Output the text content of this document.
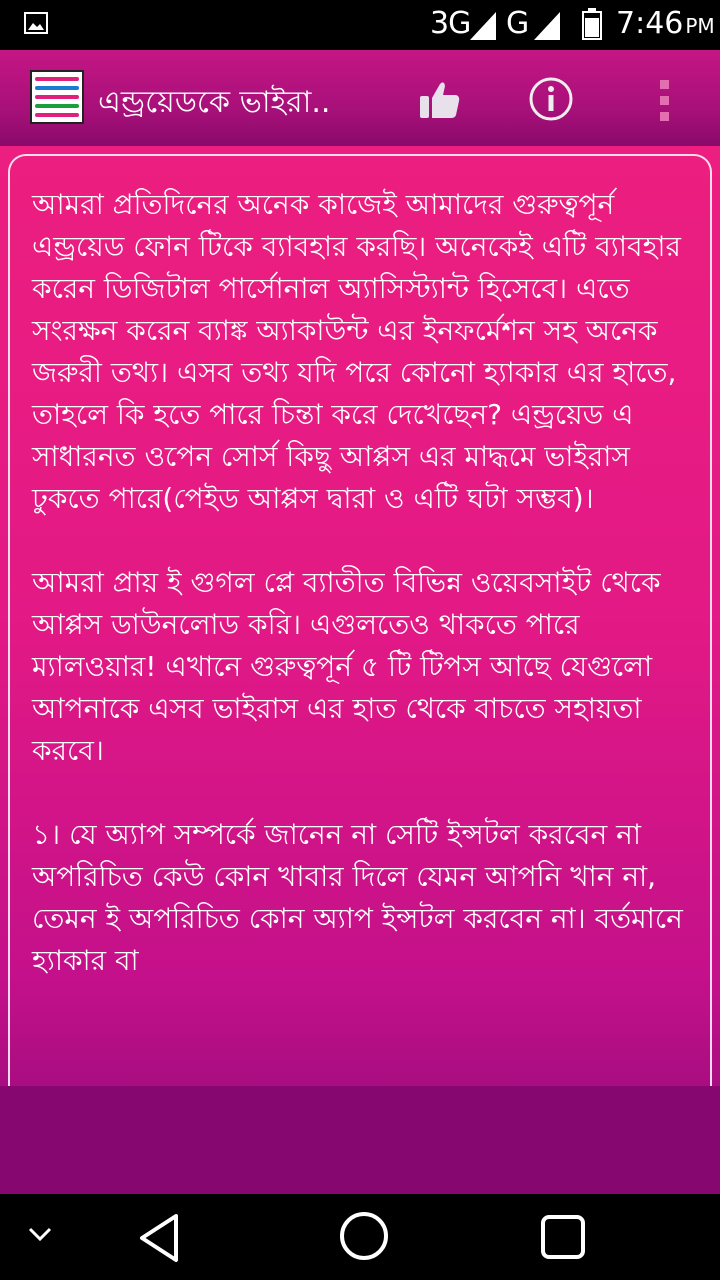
3G G	7:46 PM
এন্ড্রয়েডকে ভাইরা..

আমরা প্রতিদিনের অনেক কাজেই আমাদের গুরুত্বপূর্ন এন্ড্রয়েড ফোন টিকে ব্যাবহার করছি। অনেকেই এটি ব্যাবহার করেন ডিজিটাল পার্সোনাল অ্যাসিস্ট্যান্ট হিসেবে। এতে সংরক্ষন করেন ব্যাঙ্ক অ্যাকাউন্ট এর ইনফর্মেশন সহ অনেক জরুরী তথ্য। এসব তথ্য যদি পরে কোনো হ্যাকার এর হাতে, তাহলে কি হতে পারে চিন্তা করে দেখেছেন? এন্ড্রয়েড এ সাধারনত ওপেন সোর্স কিছু আপ্পস এর মাদ্ধমে ভাইরাস ঢুকতে পারে(পেইড আপ্পস দ্বারা ও এটি ঘটা সম্ভব)।

আমরা প্রায় ই গুগল প্লে ব্যাতীত বিভিন্ন ওয়েবসাইট থেকে আপ্পস ডাউনলোড করি। এগুলতেও থাকতে পারে ম্যালওয়ার! এখানে গুরুত্বপূর্ন ৫ টি টিপস আছে যেগুলো আপনাকে এসব ভাইরাস এর হাত থেকে বাচতে সহায়তা করবে।

১। যে অ্যাপ সম্পর্কে জানেন না সেটি ইন্সটল করবেন না অপরিচিত কেউ কোন খাবার দিলে যেমন আপনি খান না, তেমন ই অপরিচিত কোন অ্যাপ ইন্সটল করবেন না। বর্তমানে হ্যাকার বা
